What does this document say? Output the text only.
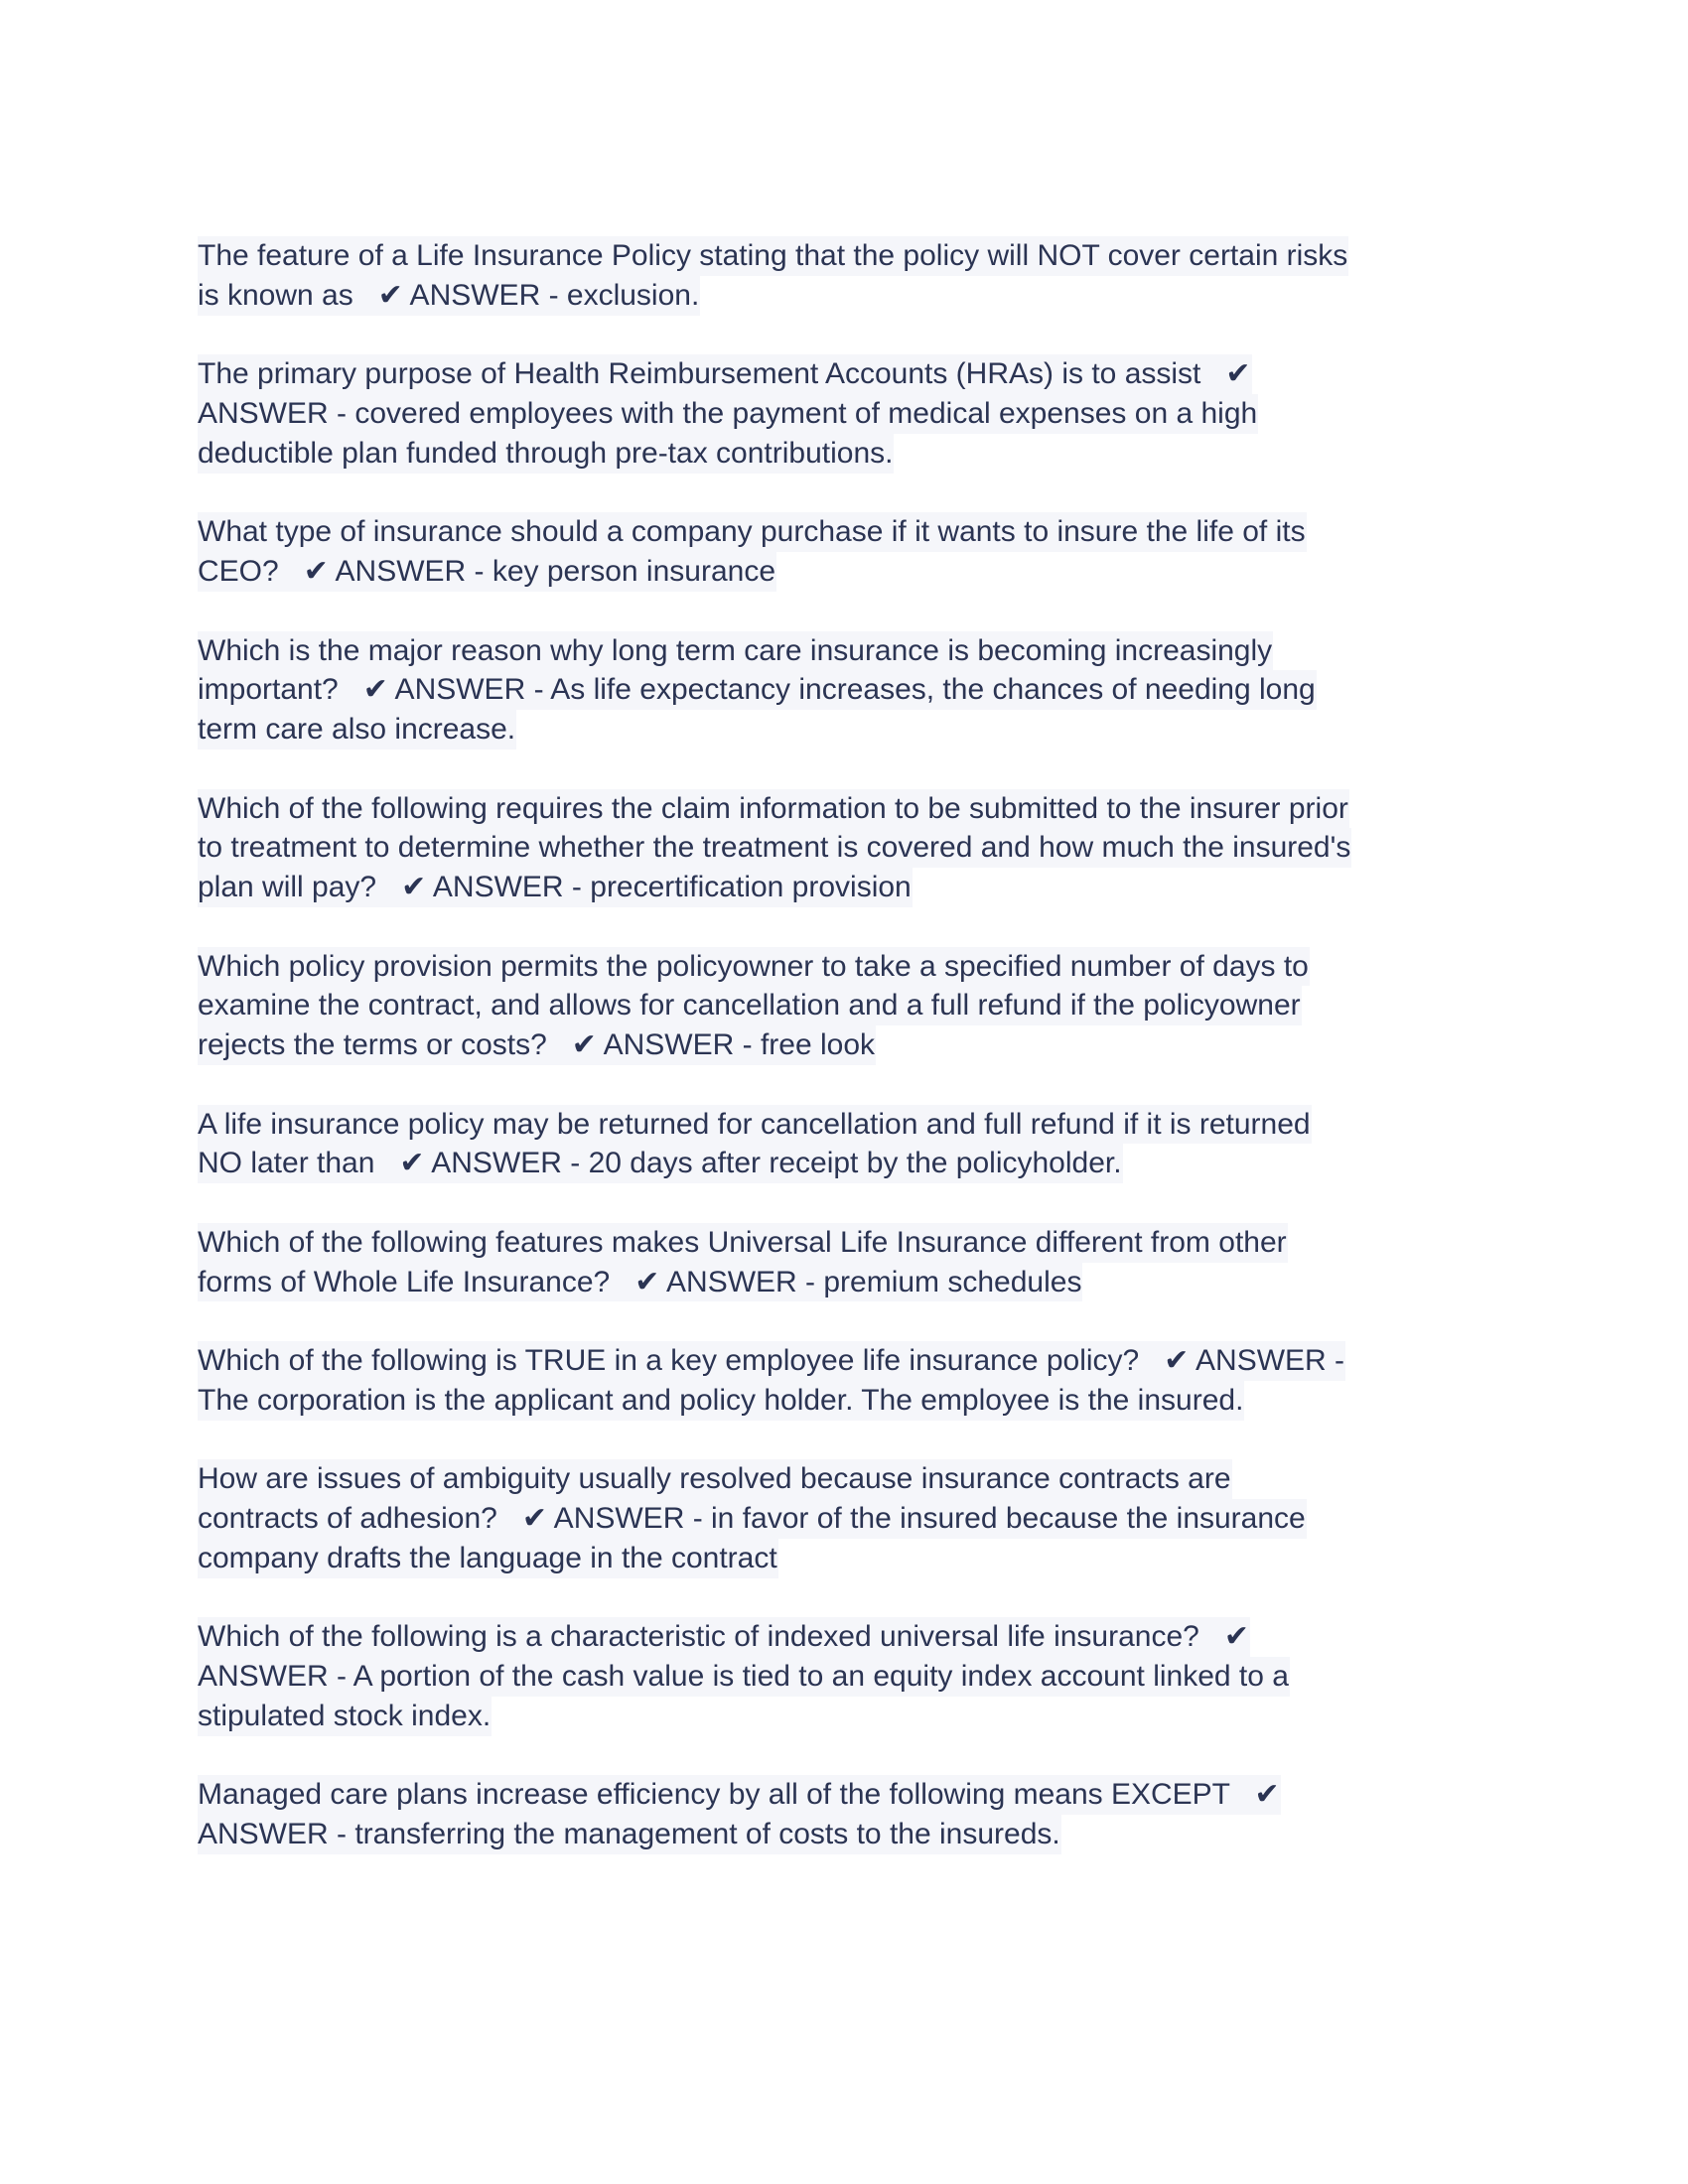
The feature of a Life Insurance Policy stating that the policy will NOT cover certain risks
is known as   ✔ ANSWER - exclusion.
The primary purpose of Health Reimbursement Accounts (HRAs) is to assist   ✔
ANSWER - covered employees with the payment of medical expenses on a high
deductible plan funded through pre-tax contributions.
What type of insurance should a company purchase if it wants to insure the life of its
CEO?   ✔ ANSWER - key person insurance
Which is the major reason why long term care insurance is becoming increasingly
important?   ✔ ANSWER - As life expectancy increases, the chances of needing long
term care also increase.
Which of the following requires the claim information to be submitted to the insurer prior
to treatment to determine whether the treatment is covered and how much the insured's
plan will pay?   ✔ ANSWER - precertification provision
Which policy provision permits the policyowner to take a specified number of days to
examine the contract, and allows for cancellation and a full refund if the policyowner
rejects the terms or costs?   ✔ ANSWER - free look
A life insurance policy may be returned for cancellation and full refund if it is returned
NO later than   ✔ ANSWER - 20 days after receipt by the policyholder.
Which of the following features makes Universal Life Insurance different from other
forms of Whole Life Insurance?   ✔ ANSWER - premium schedules
Which of the following is TRUE in a key employee life insurance policy?   ✔ ANSWER -
The corporation is the applicant and policy holder. The employee is the insured.
How are issues of ambiguity usually resolved because insurance contracts are
contracts of adhesion?   ✔ ANSWER - in favor of the insured because the insurance
company drafts the language in the contract
Which of the following is a characteristic of indexed universal life insurance?   ✔
ANSWER - A portion of the cash value is tied to an equity index account linked to a
stipulated stock index.
Managed care plans increase efficiency by all of the following means EXCEPT   ✔
ANSWER - transferring the management of costs to the insureds.
